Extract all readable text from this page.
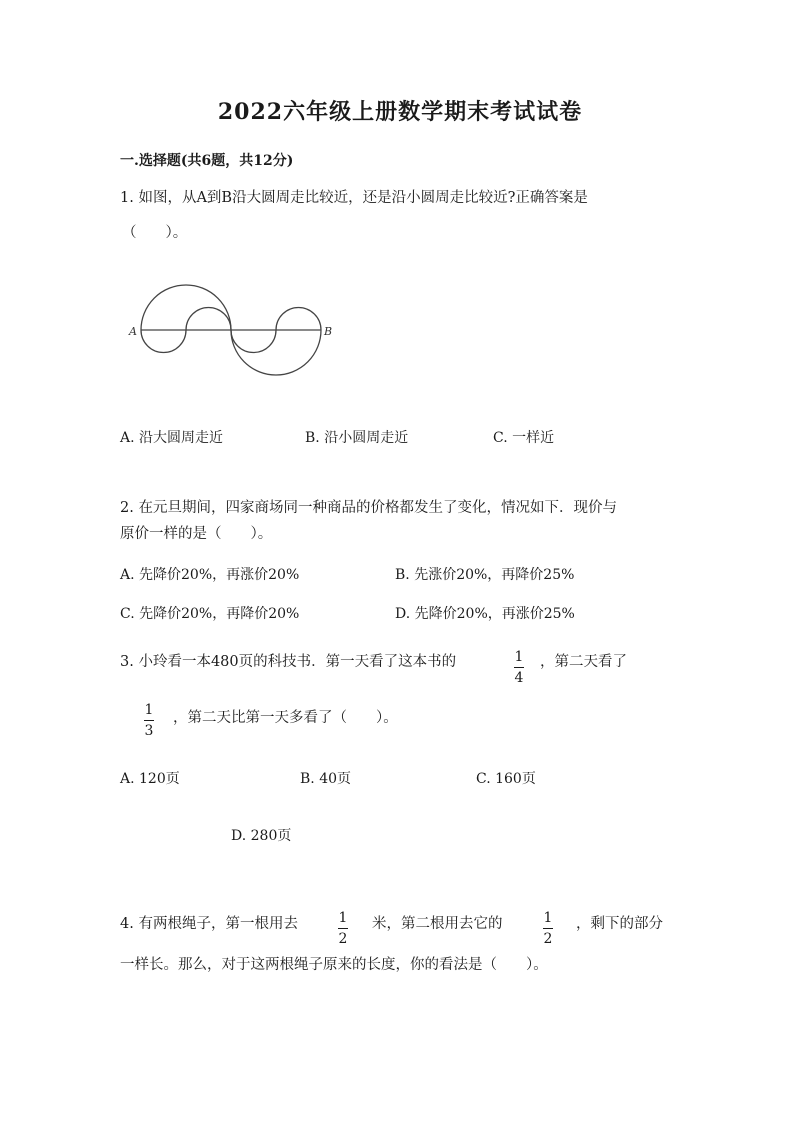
2022六年级上册数学期末考试试卷
一.选择题(共6题，共12分)
1. 如图，从A到B沿大圆周走比较近，还是沿小圆周走比较近?正确答案是
（　　）。
A	B
A. 沿大圆周走近	B. 沿小圆周走近	C. 一样近
2. 在元旦期间，四家商场同一种商品的价格都发生了变化，情况如下．现价与
原价一样的是（　　）。
A. 先降价20%，再涨价20%	B. 先涨价20%，再降价25%
C. 先降价20%，再降价20%	D. 先降价20%，再涨价25%
3. 小玲看一本480页的科技书．第一天看了这本书的	1
4
，第二天看了
1
3
，第二天比第一天多看了（　　）。
A. 120页	B. 40页	C. 160页
D. 280页
4. 有两根绳子，第一根用去	1
2
米，第二根用去它的	1
2
，剩下的部分
一样长。那么，对于这两根绳子原来的长度，你的看法是（　　）。
